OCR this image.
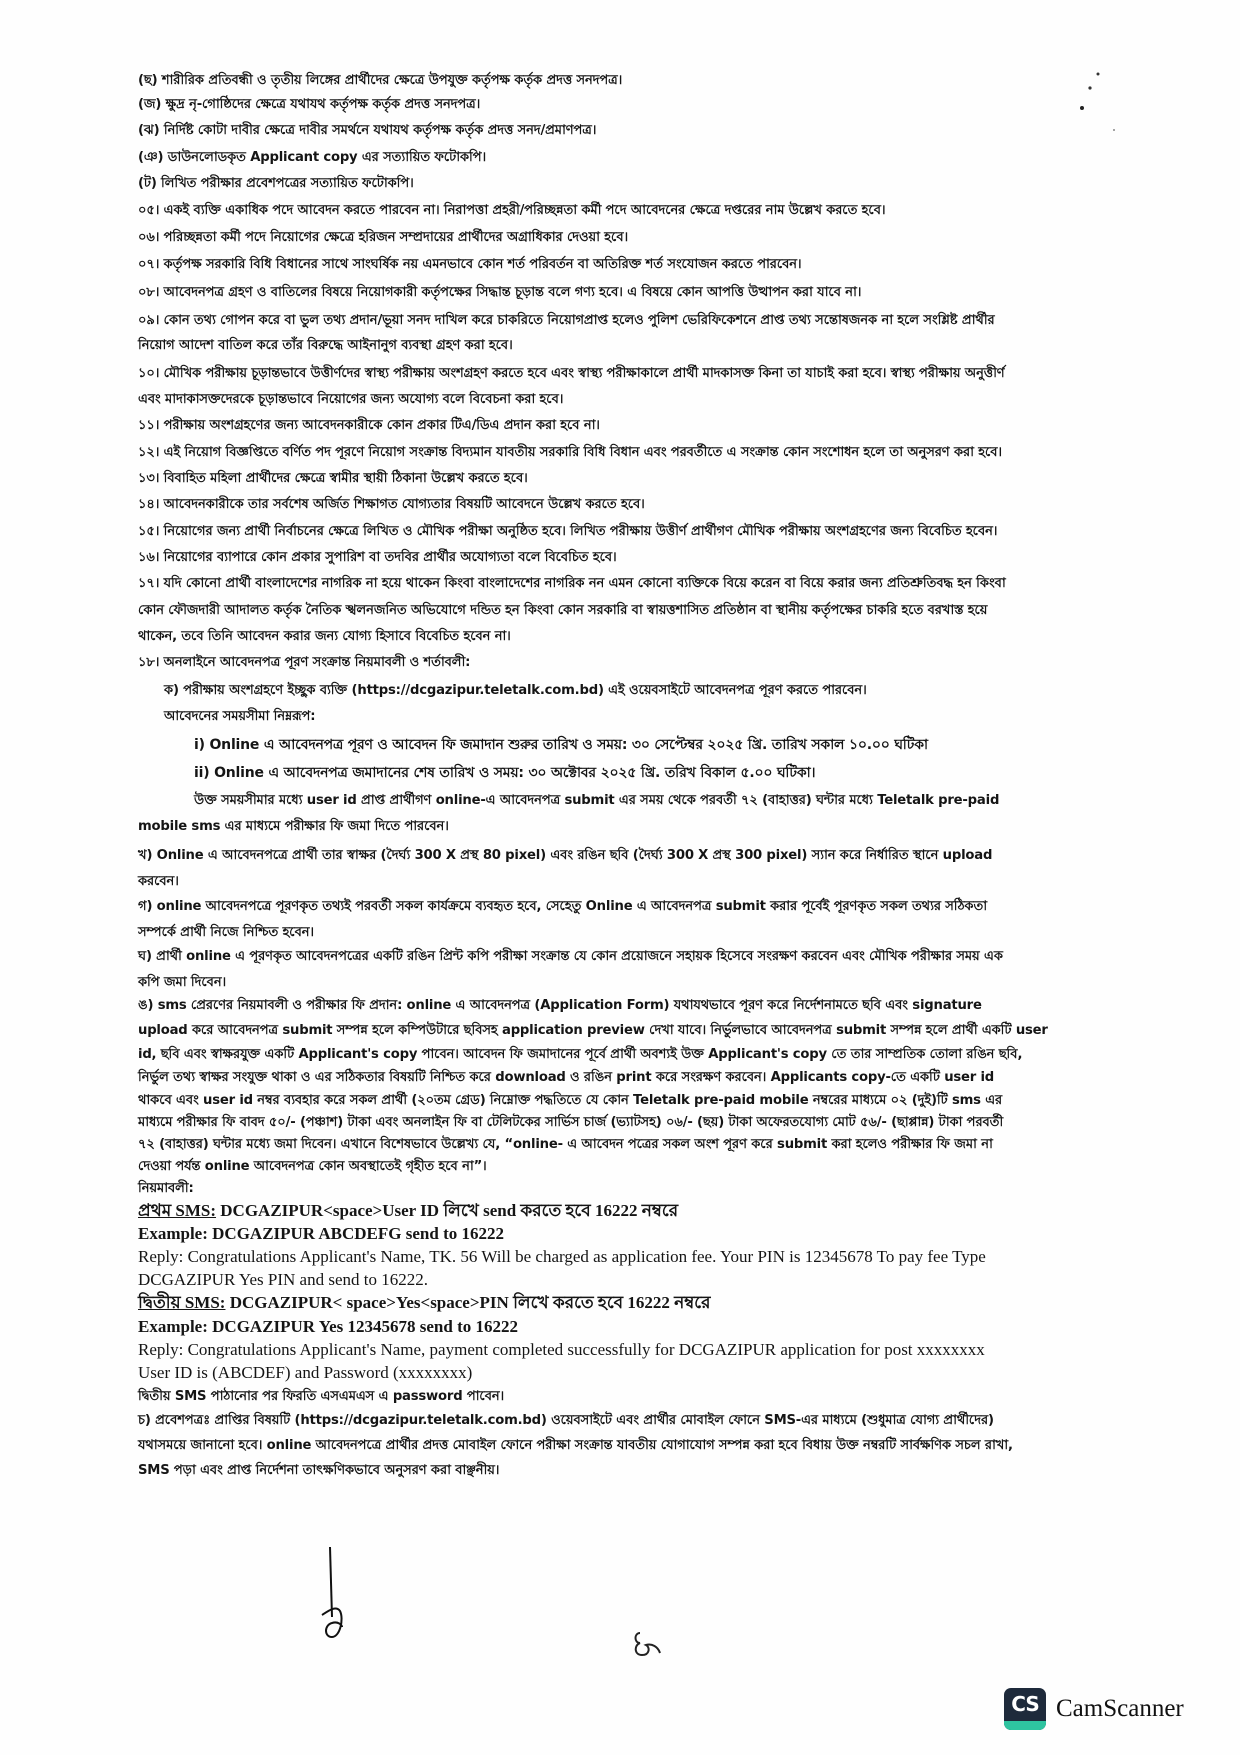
(ছ) শারীরিক প্রতিবন্ধী ও তৃতীয় লিঙ্গের প্রার্থীদের ক্ষেত্রে উপযুক্ত কর্তৃপক্ষ কর্তৃক প্রদত্ত সনদপত্র।
(জ) ক্ষুদ্র নৃ-গোষ্ঠিদের ক্ষেত্রে যথাযথ কর্তৃপক্ষ কর্তৃক প্রদত্ত সনদপত্র।
(ঝ) নির্দিষ্ট কোটা দাবীর ক্ষেত্রে দাবীর সমর্থনে যথাযথ কর্তৃপক্ষ কর্তৃক প্রদত্ত সনদ/প্রমাণপত্র।
(ঞ) ডাউনলোডকৃত Applicant copy এর সত্যায়িত ফটোকপি।
(ট) লিখিত পরীক্ষার প্রবেশপত্রের সত্যায়িত ফটোকপি।
০৫। একই ব্যক্তি একাধিক পদে আবেদন করতে পারবেন না। নিরাপত্তা প্রহরী/পরিচ্ছন্নতা কর্মী পদে আবেদনের ক্ষেত্রে দপ্তরের নাম উল্লেখ করতে হবে।
০৬। পরিচ্ছন্নতা কর্মী পদে নিয়োগের ক্ষেত্রে হরিজন সম্প্রদায়ের প্রার্থীদের অগ্রাধিকার দেওয়া হবে।
০৭। কর্তৃপক্ষ সরকারি বিধি বিধানের সাথে সাংঘর্ষিক নয় এমনভাবে কোন শর্ত পরিবর্তন বা অতিরিক্ত শর্ত সংযোজন করতে পারবেন।
০৮। আবেদনপত্র গ্রহণ ও বাতিলের বিষয়ে নিয়োগকারী কর্তৃপক্ষের সিদ্ধান্ত চূড়ান্ত বলে গণ্য হবে। এ বিষয়ে কোন আপত্তি উত্থাপন করা যাবে না।
০৯। কোন তথ্য গোপন করে বা ভুল তথ্য প্রদান/ভূয়া সনদ দাখিল করে চাকরিতে নিয়োগপ্রাপ্ত হলেও পুলিশ ভেরিফিকেশনে প্রাপ্ত তথ্য সন্তোষজনক না হলে সংশ্লিষ্ট প্রার্থীর
নিয়োগ আদেশ বাতিল করে তাঁর বিরুদ্ধে আইনানুগ ব্যবস্থা গ্রহণ করা হবে।
১০। মৌখিক পরীক্ষায় চূড়ান্তভাবে উত্তীর্ণদের স্বাস্থ্য পরীক্ষায় অংশগ্রহণ করতে হবে এবং স্বাস্থ্য পরীক্ষাকালে প্রার্থী মাদকাসক্ত কিনা তা যাচাই করা হবে। স্বাস্থ্য পরীক্ষায় অনুত্তীর্ণ
এবং মাদাকাসক্তদেরকে চূড়ান্তভাবে নিয়োগের জন্য অযোগ্য বলে বিবেচনা করা হবে।
১১। পরীক্ষায় অংশগ্রহণের জন্য আবেদনকারীকে কোন প্রকার টিএ/ডিএ প্রদান করা হবে না।
১২। এই নিয়োগ বিজ্ঞপ্তিতে বর্ণিত পদ পূরণে নিয়োগ সংক্রান্ত বিদ্যমান যাবতীয় সরকারি বিধি বিধান এবং পরবর্তীতে এ সংক্রান্ত কোন সংশোধন হলে তা অনুসরণ করা হবে।
১৩। বিবাহিত মহিলা প্রার্থীদের ক্ষেত্রে স্বামীর স্থায়ী ঠিকানা উল্লেখ করতে হবে।
১৪। আবেদনকারীকে তার সর্বশেষ অর্জিত শিক্ষাগত যোগ্যতার বিষয়টি আবেদনে উল্লেখ করতে হবে।
১৫। নিয়োগের জন্য প্রার্থী নির্বাচনের ক্ষেত্রে লিখিত ও মৌখিক পরীক্ষা অনুষ্ঠিত হবে। লিখিত পরীক্ষায় উত্তীর্ণ প্রার্থীগণ মৌখিক পরীক্ষায় অংশগ্রহণের জন্য বিবেচিত হবেন।
১৬। নিয়োগের ব্যাপারে কোন প্রকার সুপারিশ বা তদবির প্রার্থীর অযোগ্যতা বলে বিবেচিত হবে।
১৭। যদি কোনো প্রার্থী বাংলাদেশের নাগরিক না হয়ে থাকেন কিংবা বাংলাদেশের নাগরিক নন এমন কোনো ব্যক্তিকে বিয়ে করেন বা বিয়ে করার জন্য প্রতিশ্রুতিবদ্ধ হন কিংবা
কোন ফৌজদারী আদালত কর্তৃক নৈতিক স্খলনজনিত অভিযোগে দন্ডিত হন কিংবা কোন সরকারি বা স্বায়ত্তশাসিত প্রতিষ্ঠান বা স্থানীয় কর্তৃপক্ষের চাকরি হতে বরখাস্ত হয়ে
থাকেন, তবে তিনি আবেদন করার জন্য যোগ্য হিসাবে বিবেচিত হবেন না।
১৮। অনলাইনে আবেদনপত্র পূরণ সংক্রান্ত নিয়মাবলী ও শর্তাবলী:
ক) পরীক্ষায় অংশগ্রহণে ইচ্ছুক ব্যক্তি (https://dcgazipur.teletalk.com.bd) এই ওয়েবসাইটে আবেদনপত্র পূরণ করতে পারবেন।
আবেদনের সময়সীমা নিম্নরূপ:
i) Online এ আবেদনপত্র পূরণ ও আবেদন ফি জমাদান শুরুর তারিখ ও সময়: ৩০ সেপ্টেম্বর ২০২৫ খ্রি. তারিখ সকাল ১০.০০ ঘটিকা
ii) Online এ আবেদনপত্র জমাদানের শেষ তারিখ ও সময়: ৩০ অক্টোবর ২০২৫ খ্রি. তরিখ বিকাল ৫.০০ ঘটিকা।
উক্ত সময়সীমার মধ্যে user id প্রাপ্ত প্রার্থীগণ online-এ আবেদনপত্র submit এর সময় থেকে পরবর্তী ৭২ (বাহাত্তর) ঘন্টার মধ্যে Teletalk pre-paid
mobile sms এর মাধ্যমে পরীক্ষার ফি জমা দিতে পারবেন।
খ) Online এ আবেদনপত্রে প্রার্থী তার স্বাক্ষর (দৈর্ঘ্য 300 X প্রস্থ 80 pixel) এবং রঙিন ছবি (দৈর্ঘ্য 300 X প্রস্থ 300 pixel) স্যান করে নির্ধারিত স্থানে upload
করবেন।
গ) online আবেদনপত্রে পূরণকৃত তথ্যই পরবর্তী সকল কার্যক্রমে ব্যবহৃত হবে, সেহেতু Online এ আবেদনপত্র submit করার পূর্বেই পূরণকৃত সকল তথ্যর সঠিকতা
সম্পর্কে প্রার্থী নিজে নিশ্চিত হবেন।
ঘ) প্রার্থী online এ পূরণকৃত আবেদনপত্রের একটি রঙিন প্রিন্ট কপি পরীক্ষা সংক্রান্ত যে কোন প্রয়োজনে সহায়ক হিসেবে সংরক্ষণ করবেন এবং মৌখিক পরীক্ষার সময় এক
কপি জমা দিবেন।
ঙ) sms প্রেরণের নিয়মাবলী ও পরীক্ষার ফি প্রদান: online এ আবেদনপত্র (Application Form) যথাযথভাবে পূরণ করে নির্দেশনামতে ছবি এবং signature
upload করে আবেদনপত্র submit সম্পন্ন হলে কম্পিউটারে ছবিসহ application preview দেখা যাবে। নির্ভুলভাবে আবেদনপত্র submit সম্পন্ন হলে প্রার্থী একটি user
id, ছবি এবং স্বাক্ষরযুক্ত একটি Applicant's copy পাবেন। আবেদন ফি জমাদানের পূর্বে প্রার্থী অবশ্যই উক্ত Applicant's copy তে তার সাম্প্রতিক তোলা রঙিন ছবি,
নির্ভুল তথ্য স্বাক্ষর সংযুক্ত থাকা ও এর সঠিকতার বিষয়টি নিশ্চিত করে download ও রঙিন print করে সংরক্ষণ করবেন। Applicants copy-তে একটি user id
থাকবে এবং user id নম্বর ব্যবহার করে সকল প্রার্থী (২০তম গ্রেড) নিম্নোক্ত পদ্ধতিতে যে কোন Teletalk pre-paid mobile নম্বরের মাধ্যমে ০২ (দুই)টি sms এর
মাধ্যমে পরীক্ষার ফি বাবদ ৫০/- (পঞ্চাশ) টাকা এবং অনলাইন ফি বা টেলিটকের সার্ভিস চার্জ (ভ্যাটসহ) ০৬/- (ছয়) টাকা অফেরতযোগ্য মোট ৫৬/- (ছাপ্পান্ন) টাকা পরবর্তী
৭২ (বাহাত্তর) ঘন্টার মধ্যে জমা দিবেন। এখানে বিশেষভাবে উল্লেখ্য যে, “online- এ আবেদন পত্রের সকল অংশ পূরণ করে submit করা হলেও পরীক্ষার ফি জমা না
দেওয়া পর্যন্ত online আবেদনপত্র কোন অবস্থাতেই গৃহীত হবে না”।
নিয়মাবলী:
প্রথম SMS: DCGAZIPUR<space>User ID লিখে send করতে হবে 16222 নম্বরে
Example: DCGAZIPUR ABCDEFG send to 16222
Reply: Congratulations Applicant's Name, TK. 56 Will be charged as application fee. Your PIN is 12345678 To pay fee Type
DCGAZIPUR Yes PIN and send to 16222.
দ্বিতীয় SMS: DCGAZIPUR< space>Yes<space>PIN লিখে করতে হবে 16222 নম্বরে
Example: DCGAZIPUR Yes 12345678 send to 16222
Reply: Congratulations Applicant's Name, payment completed successfully for DCGAZIPUR application for post xxxxxxxx
User ID is (ABCDEF) and Password (xxxxxxxx)
দ্বিতীয় SMS পাঠানোর পর ফিরতি এসএমএস এ password পাবেন।
চ) প্রবেশপত্রঃ প্রাপ্তির বিষয়টি (https://dcgazipur.teletalk.com.bd) ওয়েবসাইটে এবং প্রার্থীর মোবাইল ফোনে SMS-এর মাধ্যমে (শুধুমাত্র যোগ্য প্রার্থীদের)
যথাসময়ে জানানো হবে। online আবেদনপত্রে প্রার্থীর প্রদত্ত মোবাইল ফোনে পরীক্ষা সংক্রান্ত যাবতীয় যোগাযোগ সম্পন্ন করা হবে বিধায় উক্ত নম্বরটি সার্বক্ষণিক সচল রাখা,
SMS পড়া এবং প্রাপ্ত নির্দেশনা তাৎক্ষণিকভাবে অনুসরণ করা বাঞ্ছনীয়।
CS CamScanner
